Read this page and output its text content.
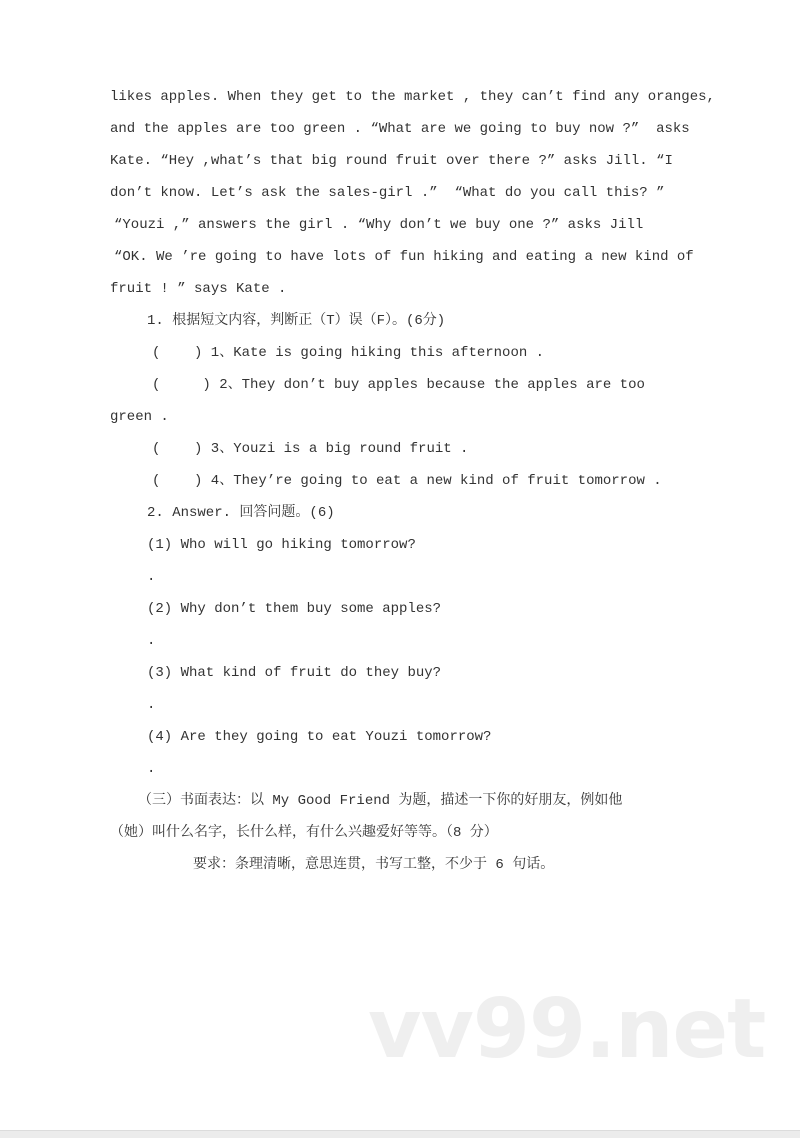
likes apples. When they get to the market , they can’t find any oranges,
and the apples are too green . “What are we going to buy now ?”  asks
Kate. “Hey ,what’s that big round fruit over there ?” asks Jill. “I
don’t know. Let’s ask the sales-girl .”  “What do you call this? ”
“Youzi ,” answers the girl . “Why don’t we buy one ?” asks Jill
“OK. We ’re going to have lots of fun hiking and eating a new kind of
fruit ! ” says Kate .
1. 根据短文内容，判断正（T）误（F）。(6分)
(    ) 1、Kate is going hiking this afternoon .
(     ) 2、They don’t buy apples because the apples are too
green .
(    ) 3、Youzi is a big round fruit .
(    ) 4、They’re going to eat a new kind of fruit tomorrow .
2. Answer. 回答问题。(6)
(1) Who will go hiking tomorrow?
.
(2) Why don’t them buy some apples?
.
(3) What kind of fruit do they buy?
.
(4) Are they going to eat Youzi tomorrow?
.
（三）书面表达：以 My Good Friend 为题，描述一下你的好朋友，例如他
（她）叫什么名字，长什么样，有什么兴趣爱好等等。（8 分）
要求：条理清晰，意思连贯，书写工整，不少于 6 句话。
vv99.net
